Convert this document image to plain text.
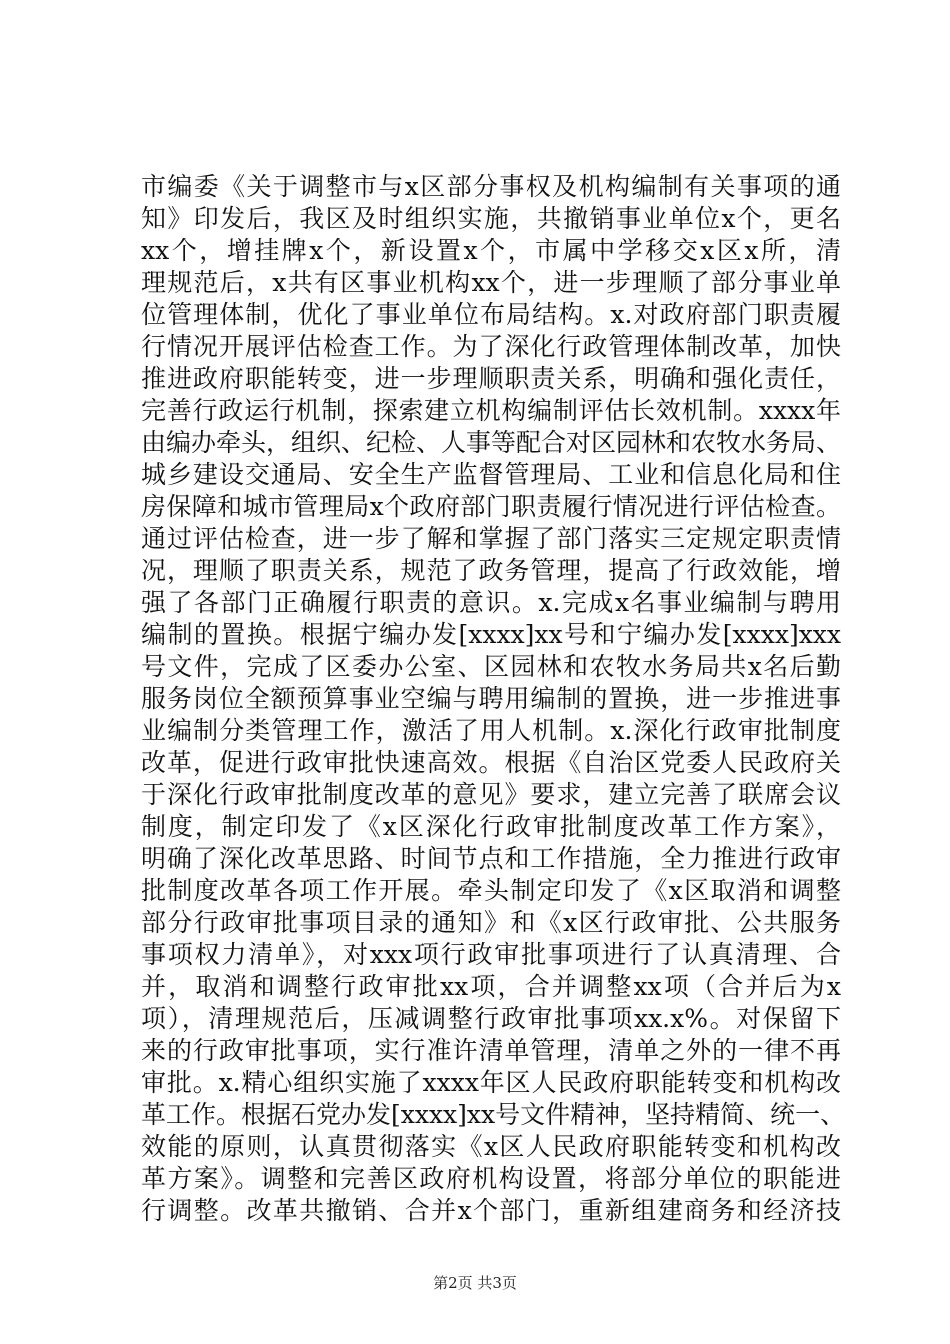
市编委《关于调整市与x区部分事权及机构编制有关事项的通
知》印发后，我区及时组织实施，共撤销事业单位x个，更名
xx个，增挂牌x个，新设置x个，市属中学移交x区x所，清
理规范后，x共有区事业机构xx个，进一步理顺了部分事业单
位管理体制，优化了事业单位布局结构。x.对政府部门职责履
行情况开展评估检查工作。为了深化行政管理体制改革，加快
推进政府职能转变，进一步理顺职责关系，明确和强化责任，
完善行政运行机制，探索建立机构编制评估长效机制。xxxx年
由编办牵头，组织、纪检、人事等配合对区园林和农牧水务局、
城乡建设交通局、安全生产监督管理局、工业和信息化局和住
房保障和城市管理局x个政府部门职责履行情况进行评估检查。
通过评估检查，进一步了解和掌握了部门落实三定规定职责情
况，理顺了职责关系，规范了政务管理，提高了行政效能，增
强了各部门正确履行职责的意识。x.完成x名事业编制与聘用
编制的置换。根据宁编办发[xxxx]xx号和宁编办发[xxxx]xxx
号文件，完成了区委办公室、区园林和农牧水务局共x名后勤
服务岗位全额预算事业空编与聘用编制的置换，进一步推进事
业编制分类管理工作，激活了用人机制。x.深化行政审批制度
改革，促进行政审批快速高效。根据《自治区党委人民政府关
于深化行政审批制度改革的意见》要求，建立完善了联席会议
制度，制定印发了《x区深化行政审批制度改革工作方案》，
明确了深化改革思路、时间节点和工作措施，全力推进行政审
批制度改革各项工作开展。牵头制定印发了《x区取消和调整
部分行政审批事项目录的通知》和《x区行政审批、公共服务
事项权力清单》，对xxx项行政审批事项进行了认真清理、合
并，取消和调整行政审批xx项，合并调整xx项（合并后为x
项），清理规范后，压减调整行政审批事项xx.x%。对保留下
来的行政审批事项，实行准许清单管理，清单之外的一律不再
审批。x.精心组织实施了xxxx年区人民政府职能转变和机构改
革工作。根据石党办发[xxxx]xx号文件精神，坚持精简、统一、
效能的原则，认真贯彻落实《x区人民政府职能转变和机构改
革方案》。调整和完善区政府机构设置，将部分单位的职能进
行调整。改革共撤销、合并x个部门，重新组建商务和经济技
第2页 共3页
